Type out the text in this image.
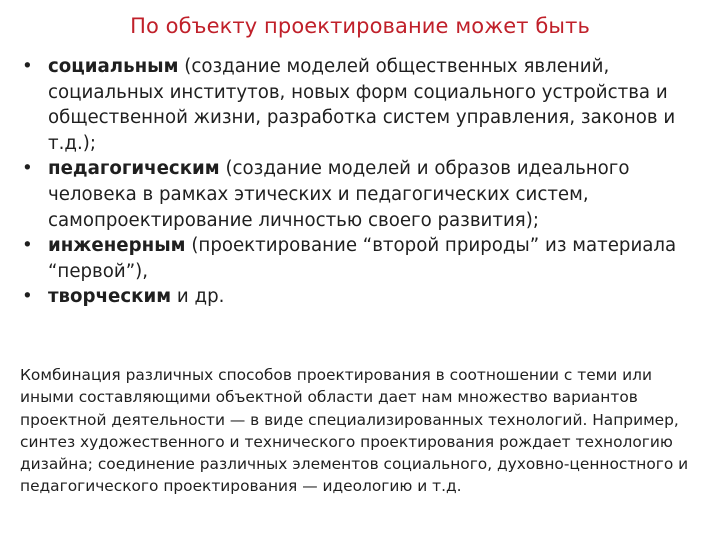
По объекту проектирование может быть
• социальным (создание моделей общественных явлений, социальных институтов, новых форм социального устройства и общественной жизни, разработка систем управления, законов и т.д.);
• педагогическим (создание моделей и образов идеального человека в рамках этических и педагогических систем, самопроектирование личностью своего развития);
• инженерным (проектирование “второй природы” из материала “первой”),
• творческим и др.
Комбинация различных способов проектирования в соотношении с теми или иными составляющими объектной области дает нам множество вариантов проектной деятельности — в виде специализированных технологий. Например, синтез художественного и технического проектирования рождает технологию дизайна; соединение различных элементов социального, духовно-ценностного и педагогического проектирования — идеологию и т.д.
